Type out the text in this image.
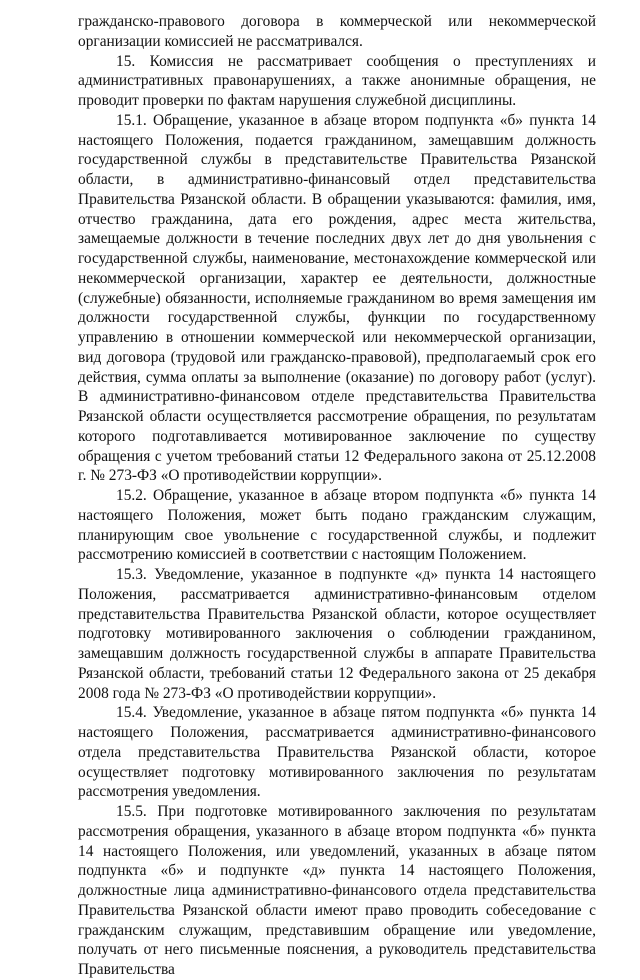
гражданско-правового договора в коммерческой или некоммерческой организации комиссией не рассматривался.

15. Комиссия не рассматривает сообщения о преступлениях и административных правонарушениях, а также анонимные обращения, не проводит проверки по фактам нарушения служебной дисциплины.

15.1. Обращение, указанное в абзаце втором подпункта «б» пункта 14 настоящего Положения, подается гражданином, замещавшим должность государственной службы в представительстве Правительства Рязанской области, в административно-финансовый отдел представительства Правительства Рязанской области. В обращении указываются: фамилия, имя, отчество гражданина, дата его рождения, адрес места жительства, замещаемые должности в течение последних двух лет до дня увольнения с государственной службы, наименование, местонахождение коммерческой или некоммерческой организации, характер ее деятельности, должностные (служебные) обязанности, исполняемые гражданином во время замещения им должности государственной службы, функции по государственному управлению в отношении коммерческой или некоммерческой организации, вид договора (трудовой или гражданско-правовой), предполагаемый срок его действия, сумма оплаты за выполнение (оказание) по договору работ (услуг). В административно-финансовом отделе представительства Правительства Рязанской области осуществляется рассмотрение обращения, по результатам которого подготавливается мотивированное заключение по существу обращения с учетом требований статьи 12 Федерального закона от 25.12.2008 г. № 273-ФЗ «О противодействии коррупции».

15.2. Обращение, указанное в абзаце втором подпункта «б» пункта 14 настоящего Положения, может быть подано гражданским служащим, планирующим свое увольнение с государственной службы, и подлежит рассмотрению комиссией в соответствии с настоящим Положением.

15.3. Уведомление, указанное в подпункте «д» пункта 14 настоящего Положения, рассматривается административно-финансовым отделом представительства Правительства Рязанской области, которое осуществляет подготовку мотивированного заключения о соблюдении гражданином, замещавшим должность государственной службы в аппарате Правительства Рязанской области, требований статьи 12 Федерального закона от 25 декабря 2008 года № 273-ФЗ «О противодействии коррупции».

15.4. Уведомление, указанное в абзаце пятом подпункта «б» пункта 14 настоящего Положения, рассматривается административно-финансового отдела представительства Правительства Рязанской области, которое осуществляет подготовку мотивированного заключения по результатам рассмотрения уведомления.

15.5. При подготовке мотивированного заключения по результатам рассмотрения обращения, указанного в абзаце втором подпункта «б» пункта 14 настоящего Положения, или уведомлений, указанных в абзаце пятом подпункта «б» и подпункте «д» пункта 14 настоящего Положения, должностные лица административно-финансового отдела представительства Правительства Рязанской области имеют право проводить собеседование с гражданским служащим, представившим обращение или уведомление, получать от него письменные пояснения, а руководитель представительства Правительства
